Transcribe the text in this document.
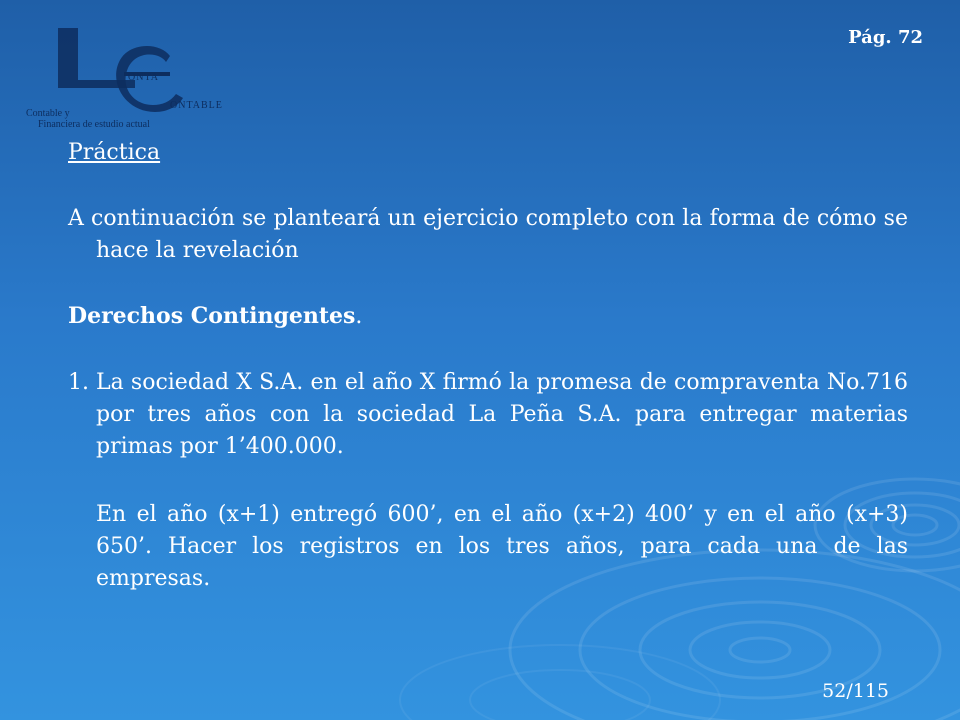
ONTA
ONTABLE
Contable y
Financiera de estudio actual
Pág. 72
Práctica

A continuación se planteará un ejercicio completo con la forma de cómo se hace la revelación

Derechos Contingentes.
1. La sociedad X S.A. en el año X firmó la promesa de compraventa No.716 por tres años con la sociedad La Peña S.A. para entregar materias primas por 1’400.000.

En el año (x+1) entregó 600’, en el año (x+2) 400’ y en el año (x+3) 650’. Hacer los registros en los tres años, para cada una de las empresas.

52/115
